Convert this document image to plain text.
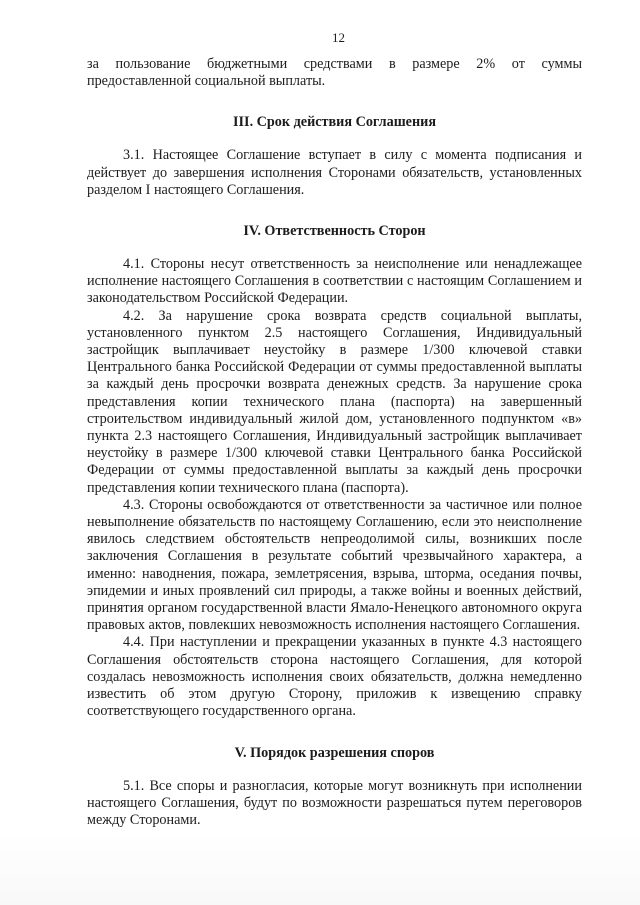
12

за пользование бюджетными средствами в размере 2% от суммы предоставленной социальной выплаты.

III. Срок действия Соглашения

3.1. Настоящее Соглашение вступает в силу с момента подписания и действует до завершения исполнения Сторонами обязательств, установленных разделом I настоящего Соглашения.

IV. Ответственность Сторон

4.1. Стороны несут ответственность за неисполнение или ненадлежащее исполнение настоящего Соглашения в соответствии с настоящим Соглашением и законодательством Российской Федерации.

4.2. За нарушение срока возврата средств социальной выплаты, установленного пунктом 2.5 настоящего Соглашения, Индивидуальный застройщик выплачивает неустойку в размере 1/300 ключевой ставки Центрального банка Российской Федерации от суммы предоставленной выплаты за каждый день просрочки возврата денежных средств. За нарушение срока представления копии технического плана (паспорта) на завершенный строительством индивидуальный жилой дом, установленного подпунктом «в» пункта 2.3 настоящего Соглашения, Индивидуальный застройщик выплачивает неустойку в размере 1/300 ключевой ставки Центрального банка Российской Федерации от суммы предоставленной выплаты за каждый день просрочки представления копии технического плана (паспорта).

4.3. Стороны освобождаются от ответственности за частичное или полное невыполнение обязательств по настоящему Соглашению, если это неисполнение явилось следствием обстоятельств непреодолимой силы, возникших после заключения Соглашения в результате событий чрезвычайного характера, а именно: наводнения, пожара, землетрясения, взрыва, шторма, оседания почвы, эпидемии и иных проявлений сил природы, а также войны и военных действий, принятия органом государственной власти Ямало-Ненецкого автономного округа правовых актов, повлекших невозможность исполнения настоящего Соглашения.

4.4. При наступлении и прекращении указанных в пункте 4.3 настоящего Соглашения обстоятельств сторона настоящего Соглашения, для которой создалась невозможность исполнения своих обязательств, должна немедленно известить об этом другую Сторону, приложив к извещению справку соответствующего государственного органа.

V. Порядок разрешения споров

5.1. Все споры и разногласия, которые могут возникнуть при исполнении настоящего Соглашения, будут по возможности разрешаться путем переговоров между Сторонами.
